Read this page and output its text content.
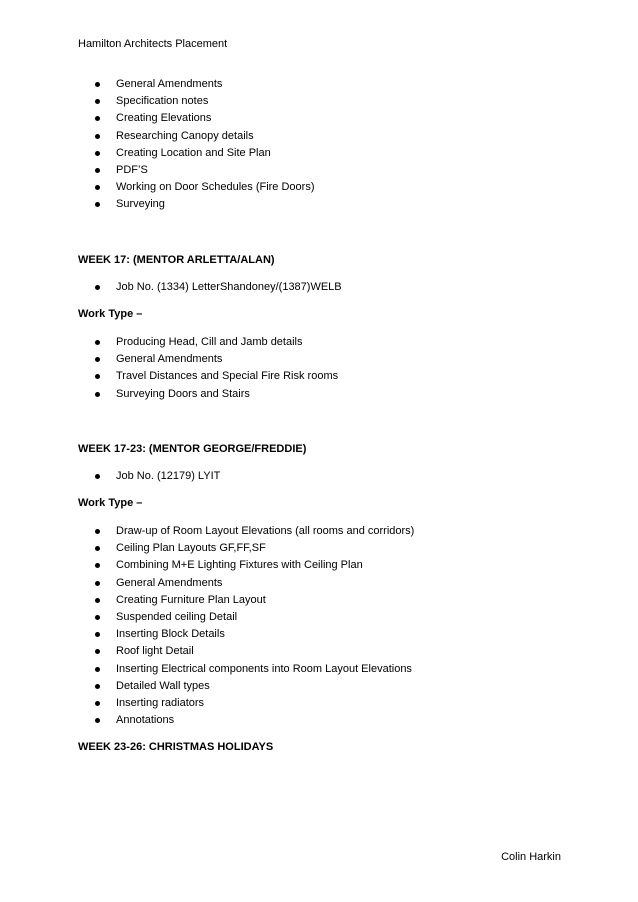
Hamilton Architects Placement
General Amendments
Specification notes
Creating Elevations
Researching Canopy details
Creating Location and Site Plan
PDF’S
Working on Door Schedules (Fire Doors)
Surveying
WEEK 17: (MENTOR ARLETTA/ALAN)
Job No. (1334) LetterShandoney/(1387)WELB
Work Type –
Producing Head, Cill and Jamb details
General Amendments
Travel Distances and Special Fire Risk rooms
Surveying Doors and Stairs
WEEK 17-23: (MENTOR GEORGE/FREDDIE)
Job No. (12179) LYIT
Work Type –
Draw-up of Room Layout Elevations (all rooms and corridors)
Ceiling Plan Layouts GF,FF,SF
Combining M+E Lighting Fixtures with Ceiling Plan
General Amendments
Creating Furniture Plan Layout
Suspended ceiling Detail
Inserting Block Details
Roof light Detail
Inserting Electrical components into Room Layout Elevations
Detailed Wall types
Inserting radiators
Annotations
WEEK 23-26: CHRISTMAS HOLIDAYS
Colin Harkin
